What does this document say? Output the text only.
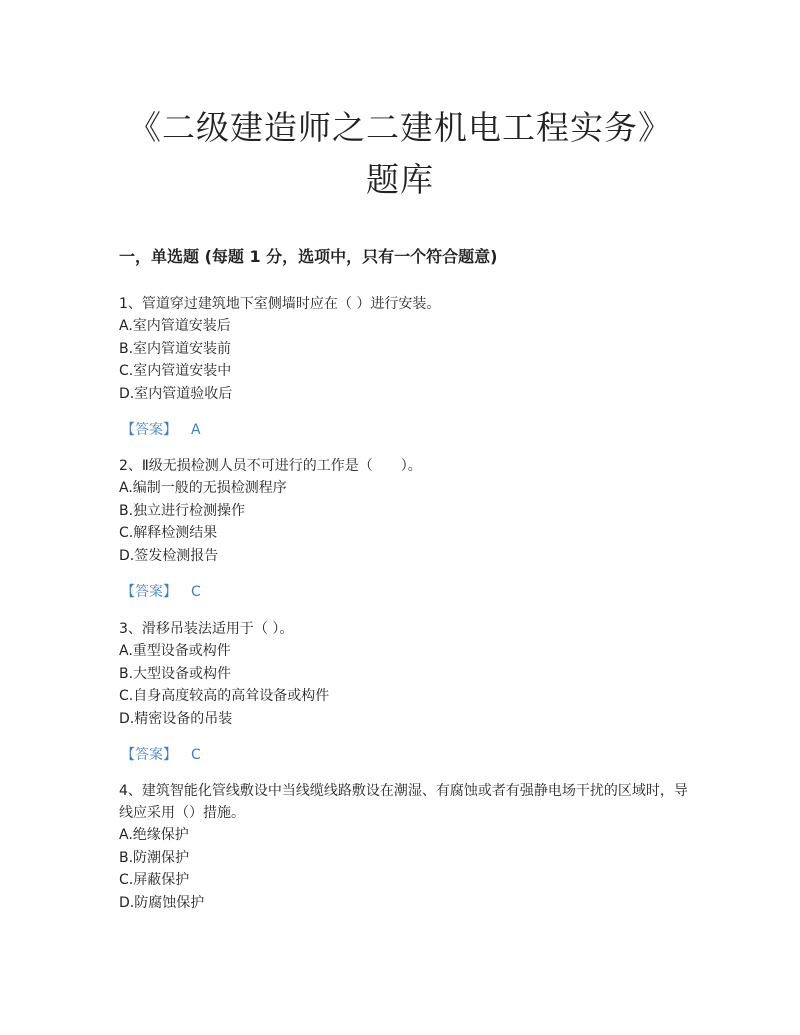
《二级建造师之二建机电工程实务》
题库
一，单选题 (每题 1 分，选项中，只有一个符合题意)

1、管道穿过建筑地下室侧墙时应在（ ）进行安装。

A.室内管道安装后

B.室内管道安装前

C.室内管道安装中

D.室内管道验收后

【答案】 A

2、Ⅱ级无损检测人员不可进行的工作是（　　）。

A.编制一般的无损检测程序

B.独立进行检测操作

C.解释检测结果

D.签发检测报告

【答案】 C

3、滑移吊装法适用于（ ）。

A.重型设备或构件

B.大型设备或构件

C.自身高度较高的高耸设备或构件

D.精密设备的吊装

【答案】 C

4、建筑智能化管线敷设中当线缆线路敷设在潮湿、有腐蚀或者有强静电场干扰的区域时，导线应采用（）措施。

A.绝缘保护

B.防潮保护

C.屏蔽保护

D.防腐蚀保护
